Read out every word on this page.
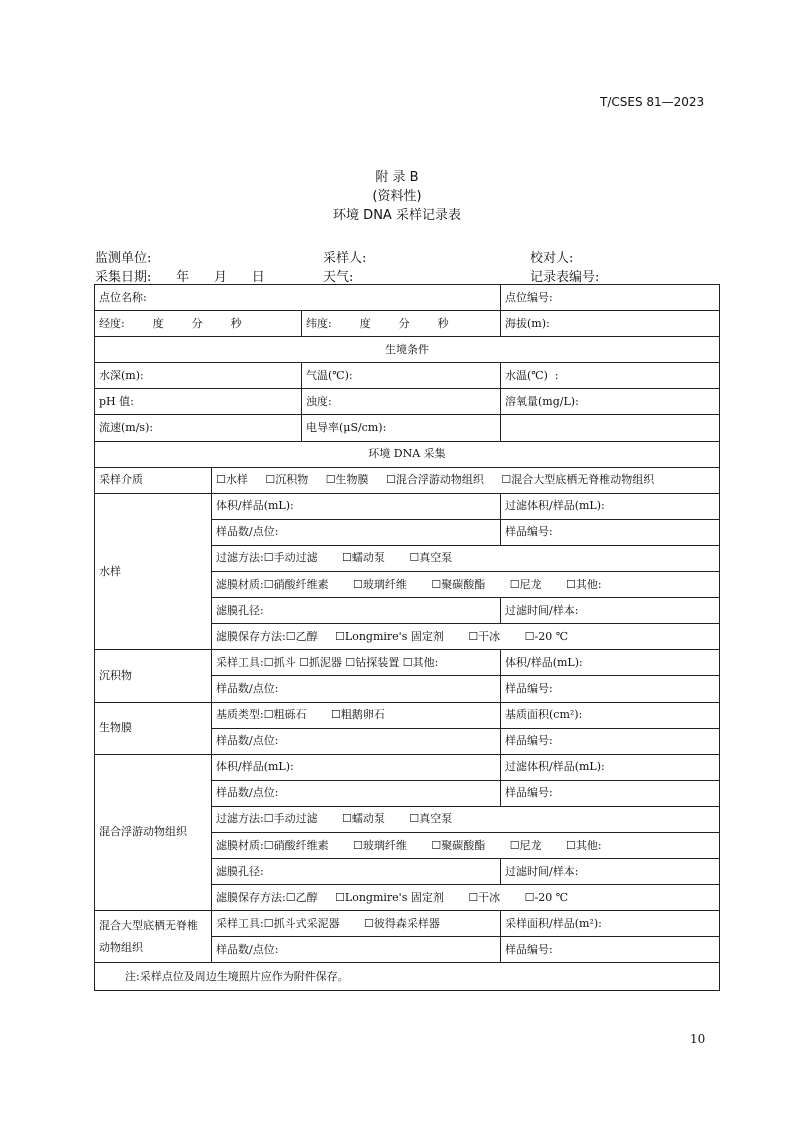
T/CSES 81—2023
附 录 B
(资料性)
环境 DNA 采样记录表
监测单位:	采样人:	校对人:
采集日期:      年      月      日	天气:	记录表编号:

点位名称:			点位编号:
经度:        度        分        秒		纬度:        度        分        秒	海拔(m):
生境条件			
水深(m):		气温(℃):	水温(℃)  :
pH 值:		浊度:	溶氧量(mg/L):
流速(m/s):		电导率(μS/cm):	
环境 DNA 采集			
采样介质	☐水样     ☐沉积物     ☐生物膜     ☐混合浮游动物组织     ☐混合大型底栖无脊椎动物组织		
水样	体积/样品(mL):		过滤体积/样品(mL):
	样品数/点位:		样品编号:
	过滤方法:☐手动过滤       ☐蠕动泵       ☐真空泵		
	滤膜材质:☐硝酸纤维素       ☐玻璃纤维       ☐聚碳酸酯       ☐尼龙       ☐其他:		
	滤膜孔径:		过滤时间/样本:
	滤膜保存方法:☐乙醇     ☐Longmire's 固定剂       ☐干冰       ☐-20 ℃		
沉积物	采样工具:☐抓斗 ☐抓泥器 ☐钻探装置 ☐其他:		体积/样品(mL):
	样品数/点位:		样品编号:
生物膜	基质类型:☐粗砾石       ☐粗鹅卵石		基质面积(cm²):
	样品数/点位:		样品编号:
混合浮游动物组织	体积/样品(mL):		过滤体积/样品(mL):
	样品数/点位:		样品编号:
	过滤方法:☐手动过滤       ☐蠕动泵       ☐真空泵		
	滤膜材质:☐硝酸纤维素       ☐玻璃纤维       ☐聚碳酸酯       ☐尼龙       ☐其他:		
	滤膜孔径:		过滤时间/样本:
	滤膜保存方法:☐乙醇     ☐Longmire's 固定剂       ☐干冰       ☐-20 ℃		
混合大型底栖无脊椎动物组织	采样工具:☐抓斗式采泥器       ☐彼得森采样器		采样面积/样品(m²):
	样品数/点位:		样品编号:
注:采样点位及周边生境照片应作为附件保存。			
10
